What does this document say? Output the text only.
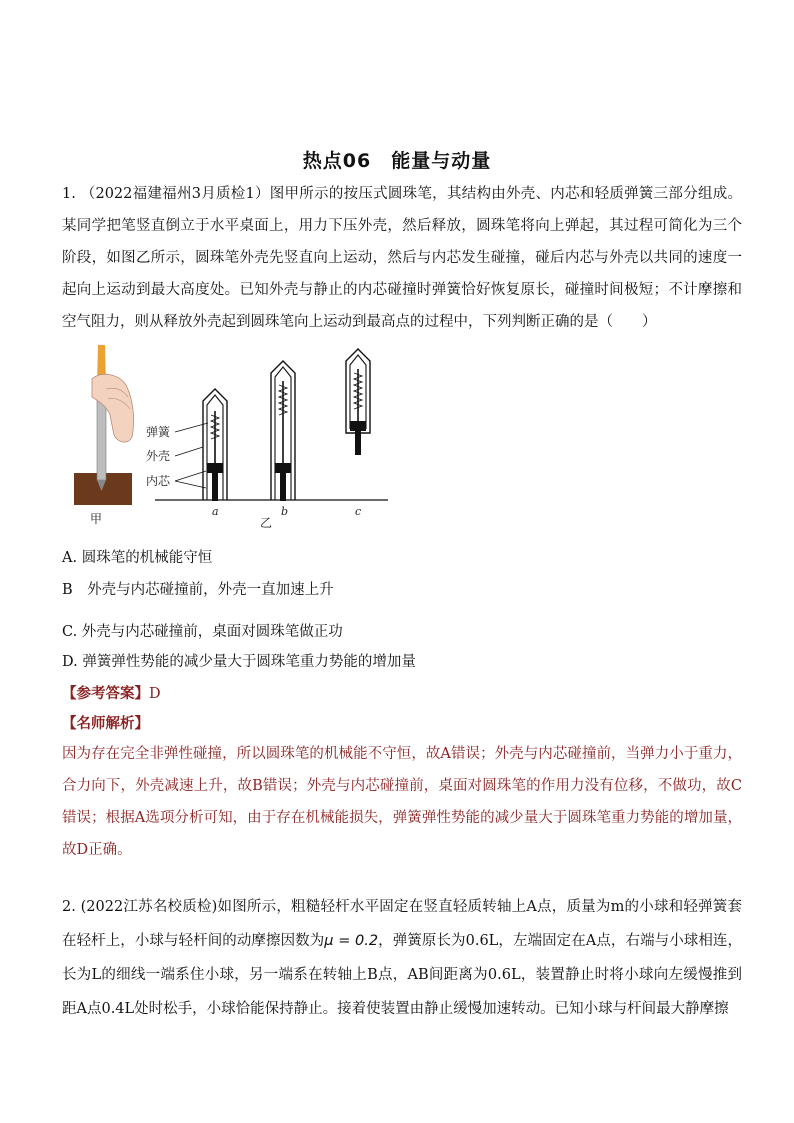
热点06　能量与动量
1. （2022福建福州3月质检1）图甲所示的按压式圆珠笔，其结构由外壳、内芯和轻质弹簧三部分组成。某同学把笔竖直倒立于水平桌面上，用力下压外壳，然后释放，圆珠笔将向上弹起，其过程可简化为三个阶段，如图乙所示，圆珠笔外壳先竖直向上运动，然后与内芯发生碰撞，碰后内芯与外壳以共同的速度一起向上运动到最大高度处。已知外壳与静止的内芯碰撞时弹簧恰好恢复原长，碰撞时间极短；不计摩擦和空气阻力，则从释放外壳起到圆珠笔向上运动到最高点的过程中，下列判断正确的是（　　）
甲
弹簧
外壳
内芯
a	b	c
乙
A. 圆珠笔的机械能守恒
B　外壳与内芯碰撞前，外壳一直加速上升
C. 外壳与内芯碰撞前，桌面对圆珠笔做正功
D. 弹簧弹性势能的减少量大于圆珠笔重力势能的增加量
【参考答案】D
【名师解析】
因为存在完全非弹性碰撞，所以圆珠笔的机械能不守恒，故A错误；外壳与内芯碰撞前，当弹力小于重力，合力向下，外壳减速上升，故B错误；外壳与内芯碰撞前，桌面对圆珠笔的作用力没有位移，不做功，故C错误；根据A选项分析可知，由于存在机械能损失，弹簧弹性势能的减少量大于圆珠笔重力势能的增加量，故D正确。
2. (2022江苏名校质检)如图所示，粗糙轻杆水平固定在竖直轻质转轴上A点，质量为m的小球和轻弹簧套在轻杆上，小球与轻杆间的动摩擦因数为μ = 0.2，弹簧原长为0.6L，左端固定在A点，右端与小球相连，长为L的细线一端系住小球，另一端系在转轴上B点，AB间距离为0.6L，装置静止时将小球向左缓慢推到距A点0.4L处时松手，小球恰能保持静止。接着使装置由静止缓慢加速转动。已知小球与杆间最大静摩擦
